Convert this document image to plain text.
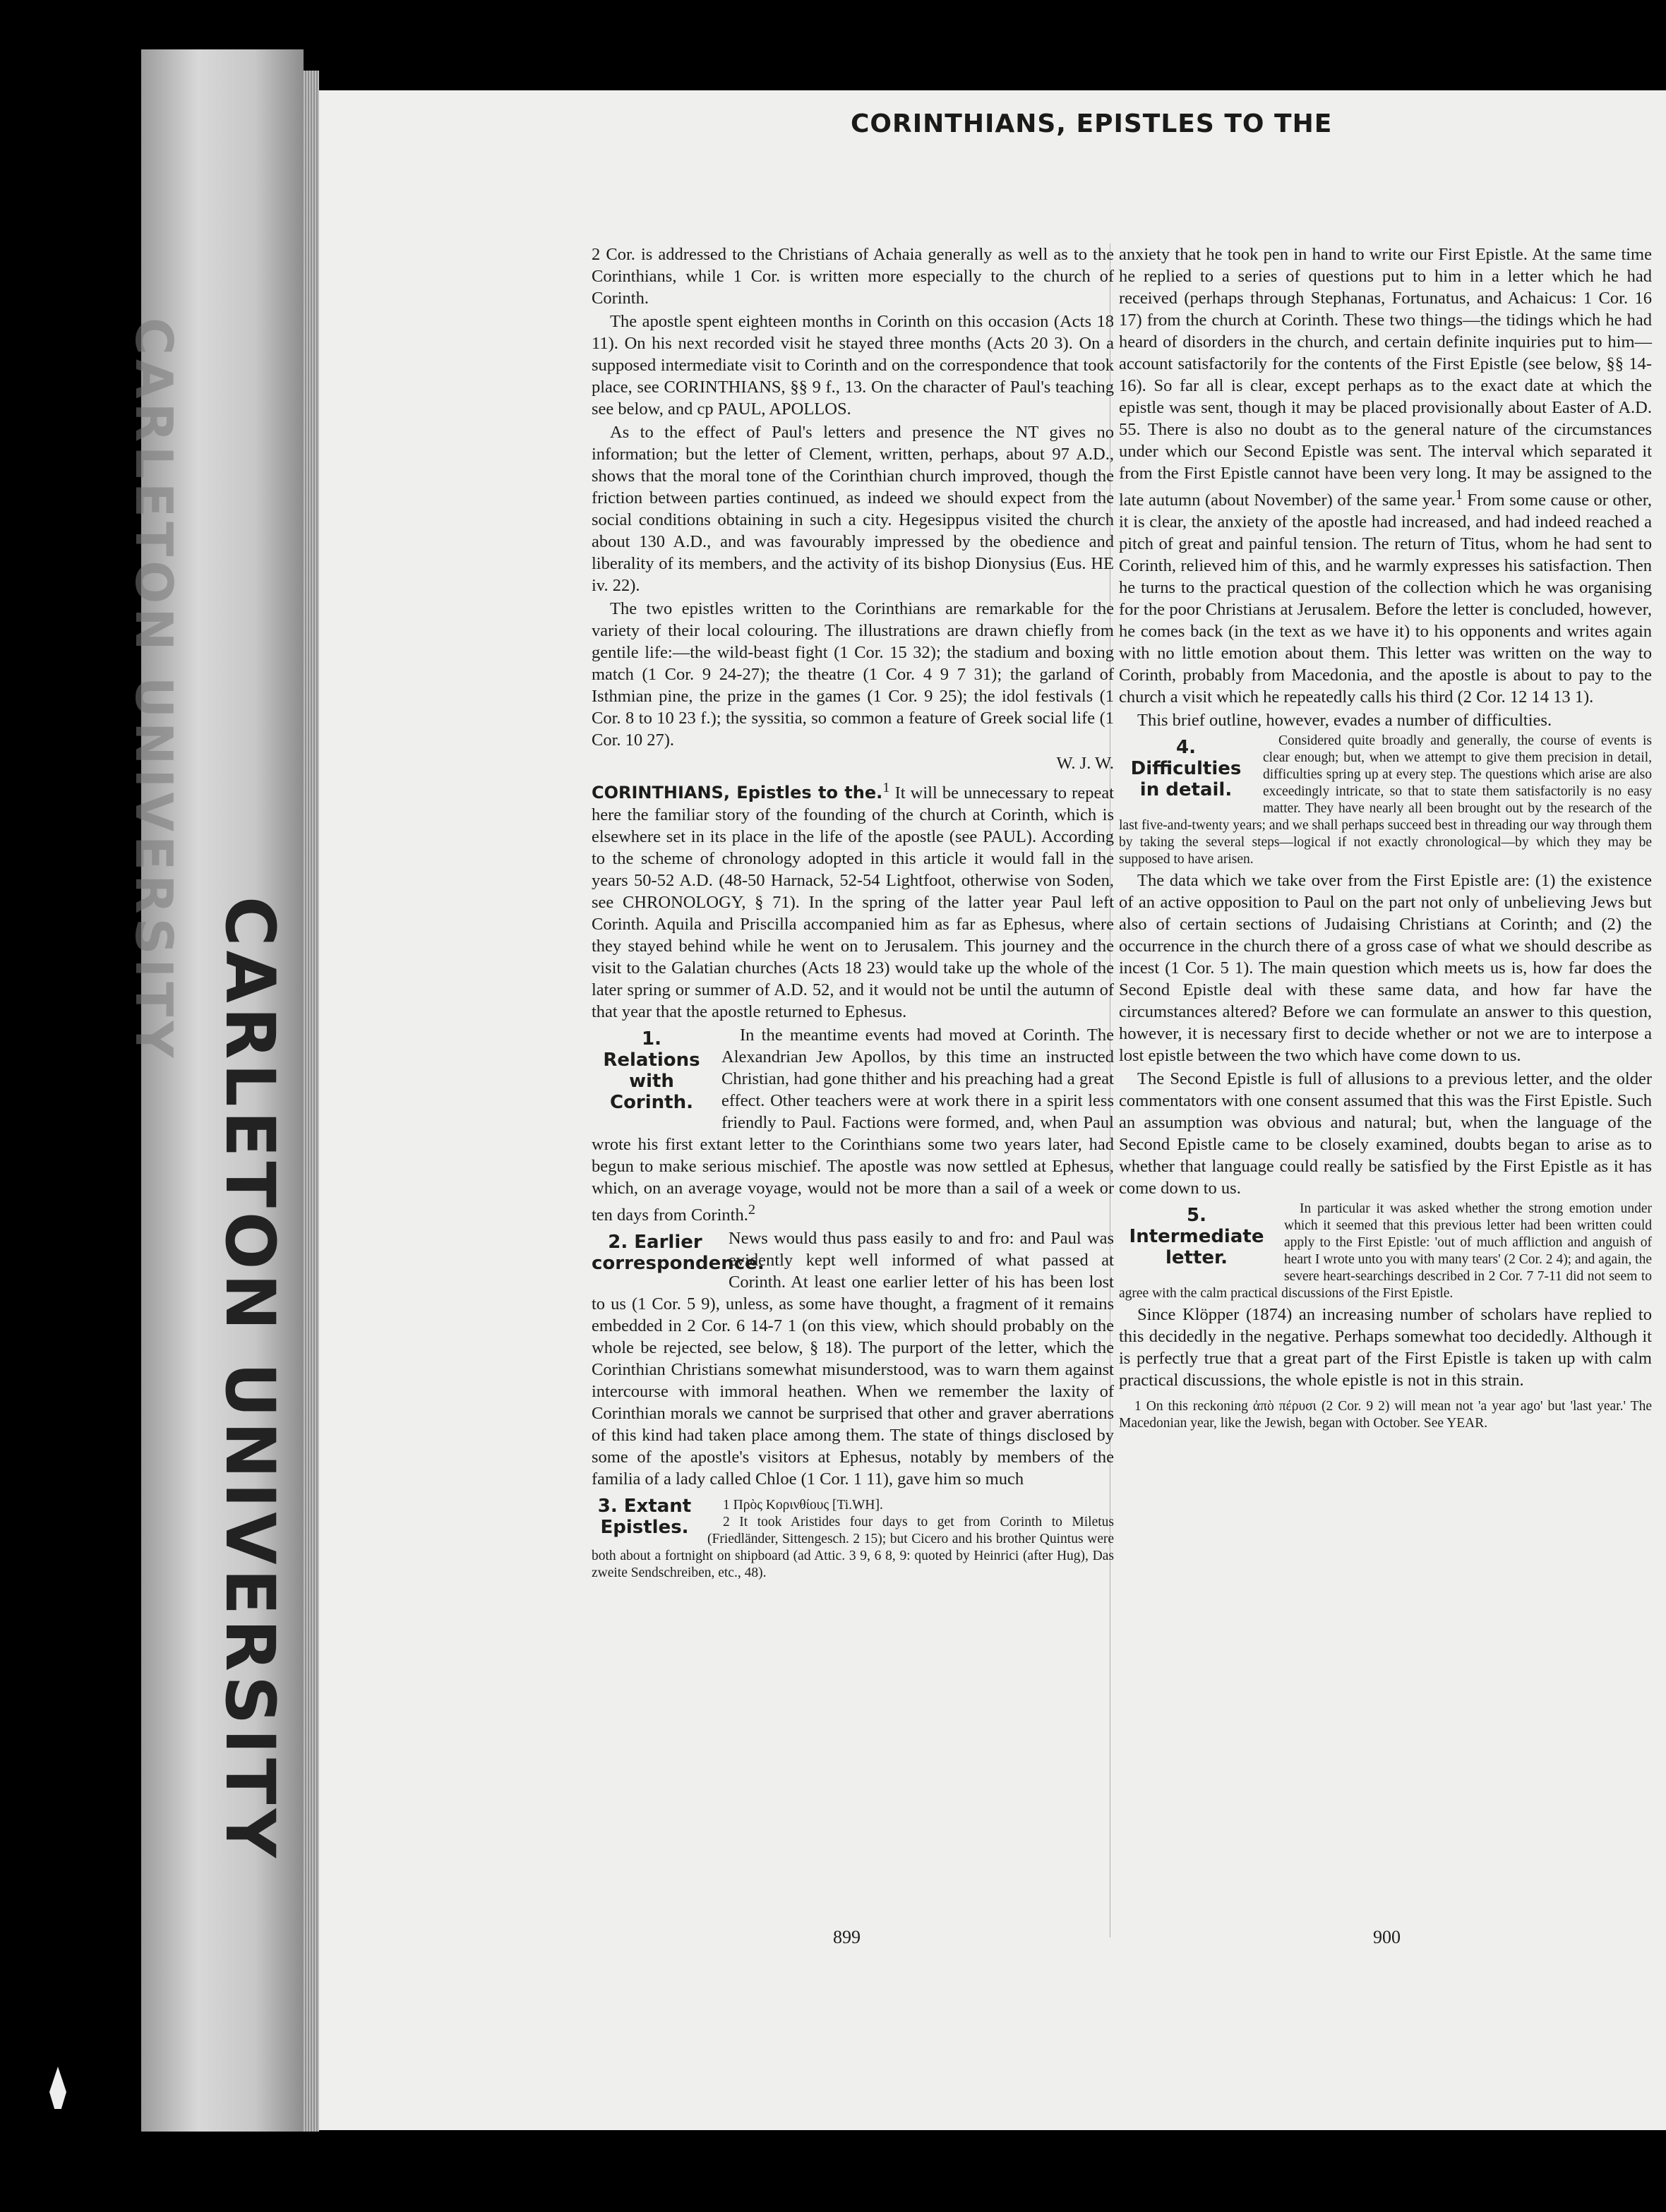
CARLETON UNIVERSITY
CARLETON UNIVERSITY
CORINTHIANS, EPISTLES TO THE

2 Cor. is addressed to the Christians of Achaia generally as well as to the Corinthians, while 1 Cor. is written more especially to the church of Corinth.

The apostle spent eighteen months in Corinth on this occasion (Acts 18 11). On his next recorded visit he stayed three months (Acts 20 3). On a supposed intermediate visit to Corinth and on the correspondence that took place, see CORINTHIANS, §§ 9 f., 13. On the character of Paul's teaching see below, and cp PAUL, APOLLOS.

As to the effect of Paul's letters and presence the NT gives no information; but the letter of Clement, written, perhaps, about 97 A.D., shows that the moral tone of the Corinthian church improved, though the friction between parties continued, as indeed we should expect from the social conditions obtaining in such a city. Hegesippus visited the church about 130 A.D., and was favourably impressed by the obedience and liberality of its members, and the activity of its bishop Dionysius (Eus. HE iv. 22).

The two epistles written to the Corinthians are remarkable for the variety of their local colouring. The illustrations are drawn chiefly from gentile life:—the wild-beast fight (1 Cor. 15 32); the stadium and boxing match (1 Cor. 9 24-27); the theatre (1 Cor. 4 9 7 31); the garland of Isthmian pine, the prize in the games (1 Cor. 9 25); the idol festivals (1 Cor. 8 to 10 23 f.); the syssitia, so common a feature of Greek social life (1 Cor. 10 27).

W. J. W.

CORINTHIANS, Epistles to the.$^1$ It will be unnecessary to repeat here the familiar story of the founding of the church at Corinth, which is elsewhere set in its place in the life of the apostle (see PAUL). According to the scheme of chronology adopted in this article it would fall in the years 50-52 A.D. (48-50 Harnack, 52-54 Lightfoot, otherwise von Soden, see CHRONOLOGY, § 71). In the spring of the latter year Paul left Corinth. Aquila and Priscilla accompanied him as far as Ephesus, where they stayed behind while he went on to Jerusalem. This journey and the visit to the Galatian churches (Acts 18 23) would take up the whole of the later spring or summer of A.D. 52, and it would not be until the autumn of that year that the apostle returned to Ephesus.

1. Relations with Corinth.

In the meantime events had moved at Corinth. The Alexandrian Jew Apollos, by this time an instructed Christian, had gone thither and his preaching had a great effect. Other teachers were at work there in a spirit less friendly to Paul. Factions were formed, and, when Paul wrote his first extant letter to the Corinthians some two years later, had begun to make serious mischief. The apostle was now settled at Ephesus, which, on an average voyage, would not be more than a sail of a week or ten days from Corinth.$^2$

2. Earlier correspondence.

News would thus pass easily to and fro: and Paul was evidently kept well informed of what passed at Corinth. At least one earlier letter of his has been lost to us (1 Cor. 5 9), unless, as some have thought, a fragment of it remains embedded in 2 Cor. 6 14-7 1 (on this view, which should probably on the whole be rejected, see below, § 18). The purport of the letter, which the Corinthian Christians somewhat misunderstood, was to warn them against intercourse with immoral heathen. When we remember the laxity of Corinthian morals we cannot be surprised that other and graver aberrations of this kind had taken place among them. The state of things disclosed by some of the apostle's visitors at Ephesus, notably by members of the familia of a lady called Chloe (1 Cor. 1 11), gave him so much

3. Extant Epistles.

1 Πρὸς Κορινθίους [Ti.WH].

2 It took Aristides four days to get from Corinth to Miletus (Friedländer, Sittengesch. 2 15); but Cicero and his brother Quintus were both about a fortnight on shipboard (ad Attic. 3 9, 6 8, 9: quoted by Heinrici (after Hug), Das zweite Sendschreiben, etc., 48).

anxiety that he took pen in hand to write our First Epistle. At the same time he replied to a series of questions put to him in a letter which he had received (perhaps through Stephanas, Fortunatus, and Achaicus: 1 Cor. 16 17) from the church at Corinth. These two things—the tidings which he had heard of disorders in the church, and certain definite inquiries put to him—account satisfactorily for the contents of the First Epistle (see below, §§ 14-16). So far all is clear, except perhaps as to the exact date at which the epistle was sent, though it may be placed provisionally about Easter of A.D. 55. There is also no doubt as to the general nature of the circumstances under which our Second Epistle was sent. The interval which separated it from the First Epistle cannot have been very long. It may be assigned to the late autumn (about November) of the same year.$^1$ From some cause or other, it is clear, the anxiety of the apostle had increased, and had indeed reached a pitch of great and painful tension. The return of Titus, whom he had sent to Corinth, relieved him of this, and he warmly expresses his satisfaction. Then he turns to the practical question of the collection which he was organising for the poor Christians at Jerusalem. Before the letter is concluded, however, he comes back (in the text as we have it) to his opponents and writes again with no little emotion about them. This letter was written on the way to Corinth, probably from Macedonia, and the apostle is about to pay to the church a visit which he repeatedly calls his third (2 Cor. 12 14 13 1).

This brief outline, however, evades a number of difficulties.

4. Difficulties in detail.

Considered quite broadly and generally, the course of events is clear enough; but, when we attempt to give them precision in detail, difficulties spring up at every step. The questions which arise are also exceedingly intricate, so that to state them satisfactorily is no easy matter. They have nearly all been brought out by the research of the last five-and-twenty years; and we shall perhaps succeed best in threading our way through them by taking the several steps—logical if not exactly chronological—by which they may be supposed to have arisen.

The data which we take over from the First Epistle are: (1) the existence of an active opposition to Paul on the part not only of unbelieving Jews but also of certain sections of Judaising Christians at Corinth; and (2) the occurrence in the church there of a gross case of what we should describe as incest (1 Cor. 5 1). The main question which meets us is, how far does the Second Epistle deal with these same data, and how far have the circumstances altered? Before we can formulate an answer to this question, however, it is necessary first to decide whether or not we are to interpose a lost epistle between the two which have come down to us.

The Second Epistle is full of allusions to a previous letter, and the older commentators with one consent assumed that this was the First Epistle. Such an assumption was obvious and natural; but, when the language of the Second Epistle came to be closely examined, doubts began to arise as to whether that language could really be satisfied by the First Epistle as it has come down to us.

5. Intermediate letter.

In particular it was asked whether the strong emotion under which it seemed that this previous letter had been written could apply to the First Epistle: 'out of much affliction and anguish of heart I wrote unto you with many tears' (2 Cor. 2 4); and again, the severe heart-searchings described in 2 Cor. 7 7-11 did not seem to agree with the calm practical discussions of the First Epistle.

Since Klöpper (1874) an increasing number of scholars have replied to this decidedly in the negative. Perhaps somewhat too decidedly. Although it is perfectly true that a great part of the First Epistle is taken up with calm practical discussions, the whole epistle is not in this strain.

1 On this reckoning ἀπὸ πέρυσι (2 Cor. 9 2) will mean not 'a year ago' but 'last year.' The Macedonian year, like the Jewish, began with October. See YEAR.

899	900
